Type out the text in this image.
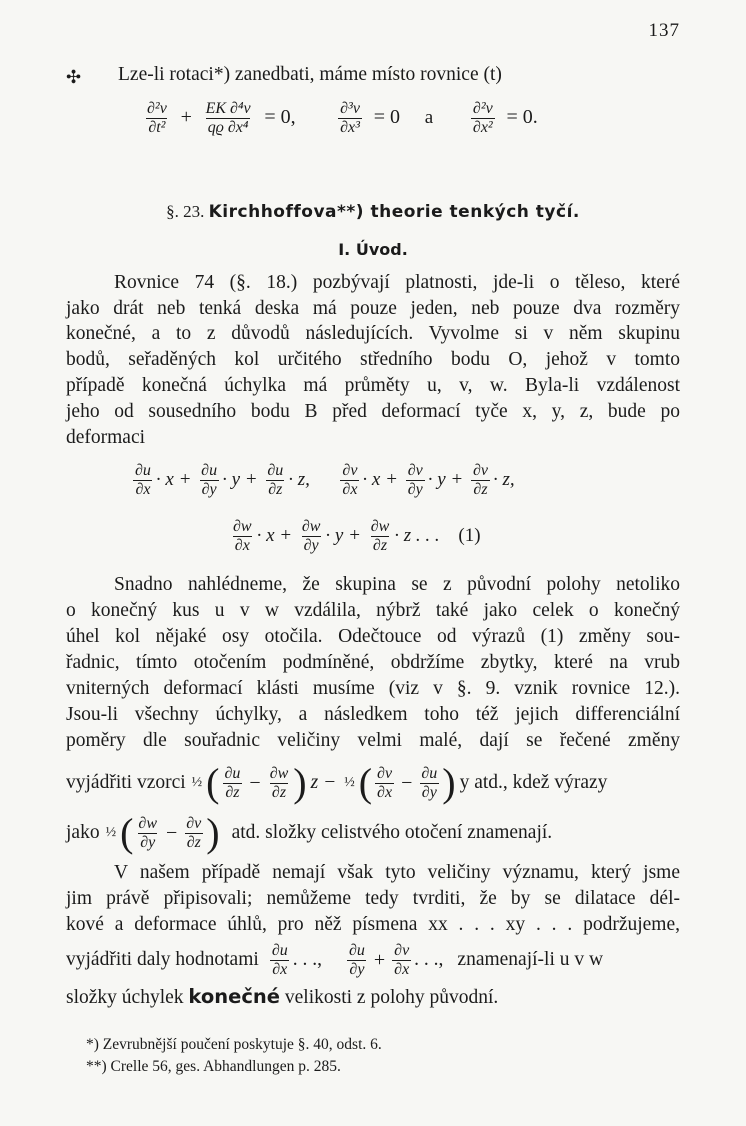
137
✣ Lze-li rotaci*) zanedbati, máme místo rovnice (t)
$\frac{\text{∂²v}}{\text{∂t²}} + \frac{\text{EK ∂⁴v}}{\text{qϱ ∂x⁴}} = 0$,	$\frac{\text{∂³v}}{\text{∂x³}} = 0$ a $\frac{\text{∂²v}}{\text{∂x²}} = 0$.
§. 23. Kirchhoffova**) theorie tenkých tyčí.
I. Úvod.
Rovnice 74 (§. 18.) pozbývají platnosti, jde-li o těleso, které
jako drát neb tenká deska má pouze jeden, neb pouze dva rozměry
konečné, a to z důvodů následujících. Vyvolme si v něm skupinu
bodů, seřaděných kol určitého středního bodu O, jehož v tomto
případě konečná úchylka má průměty u, v, w. Byla-li vzdálenost
jeho od sousedního bodu B před deformací tyče x, y, z, bude po
deformaci
$\frac{\partial u}{\partial x} \cdot x + \frac{\partial u}{\partial y} \cdot y + \frac{\partial u}{\partial z} \cdot z$, $\frac{\partial v}{\partial x} \cdot x + \frac{\partial v}{\partial y} \cdot y + \frac{\partial v}{\partial z} \cdot z$,
$\frac{\partial w}{\partial x} \cdot x + \frac{\partial w}{\partial y} \cdot y + \frac{\partial w}{\partial z} \cdot z$ . . . (1)
Snadno nahlédneme, že skupina se z původní polohy netoliko
o konečný kus u v w vzdálila, nýbrž také jako celek o konečný
úhel kol nějaké osy otočila. Odečtouce od výrazů (1) změny sou-
řadnic, tímto otočením podmíněné, obdržíme zbytky, které na vrub
vniterných deformací klásti musíme (viz v §. 9. vznik rovnice 12.).
Jsou-li všechny úchylky, a následkem toho též jejich differenciální
poměry dle souřadnic veličiny velmi malé, dají se řečené změny
vyjádřiti vzorci ½ ( $\frac{\partial u}{\partial z} - \frac{\partial w}{\partial z}$ ) z − ½ ( $\frac{\partial v}{\partial x} - \frac{\partial u}{\partial y}$ ) y atd., kdež výrazy
jako ½ ( $\frac{\partial w}{\partial y} - \frac{\partial v}{\partial z}$ ) atd. složky celistvého otočení znamenají.
V našem případě nemají však tyto veličiny významu, který jsme
jim právě připisovali; nemůžeme tedy tvrditi, že by se dilatace dél-
kové a deformace úhlů, pro něž písmena xx . . . xy . . . podržujeme,
vyjádřiti daly hodnotami $\frac{\partial u}{\partial x}$ . . ., $\frac{\partial u}{\partial y} + \frac{\partial v}{\partial x}$ . . ., znamenají-li u v w
složky úchylek konečné velikosti z polohy původní.
*) Zevrubnější poučení poskytuje §. 40, odst. 6.
**) Crelle 56, ges. Abhandlungen p. 285.
